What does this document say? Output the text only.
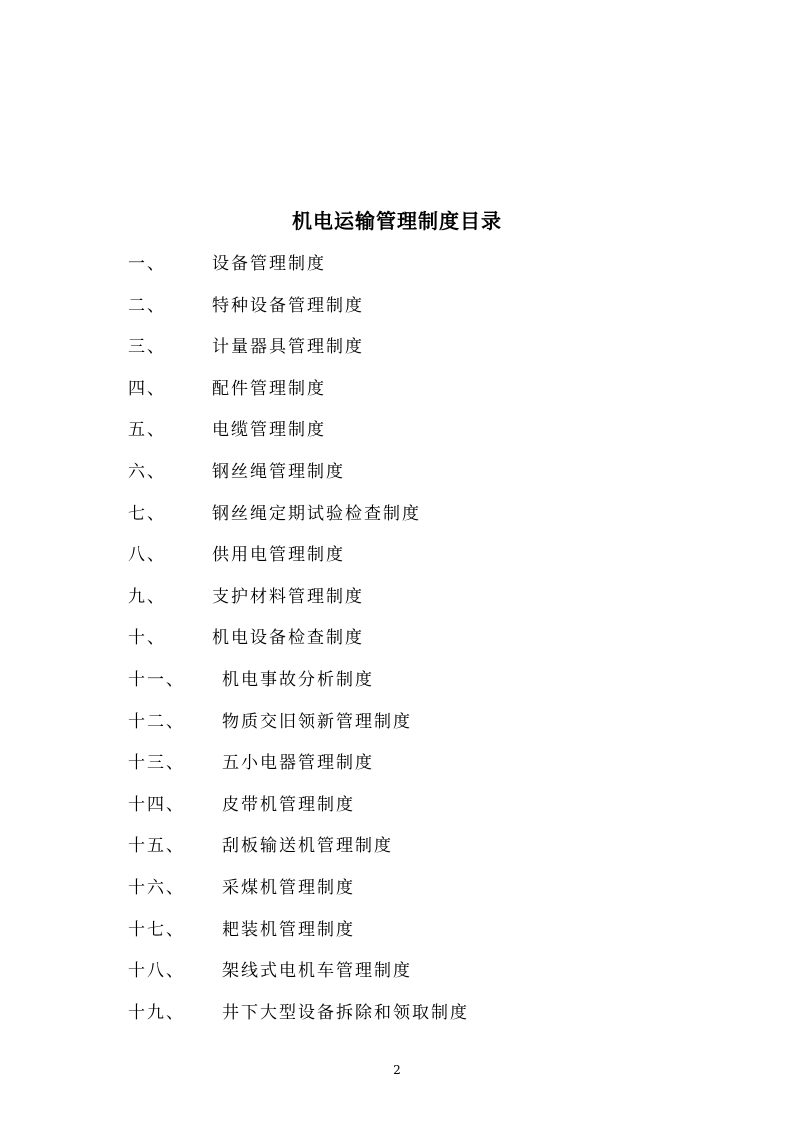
机电运输管理制度目录
一、	设备管理制度
二、	特种设备管理制度
三、	计量器具管理制度
四、	配件管理制度
五、	电缆管理制度
六、	钢丝绳管理制度
七、	钢丝绳定期试验检查制度
八、	供用电管理制度
九、	支护材料管理制度
十、	机电设备检查制度
十一、 机电事故分析制度
十二、 物质交旧领新管理制度
十三、 五小电器管理制度
十四、 皮带机管理制度
十五、 刮板输送机管理制度
十六、 采煤机管理制度
十七、 耙装机管理制度
十八、 架线式电机车管理制度
十九、 井下大型设备拆除和领取制度
2
